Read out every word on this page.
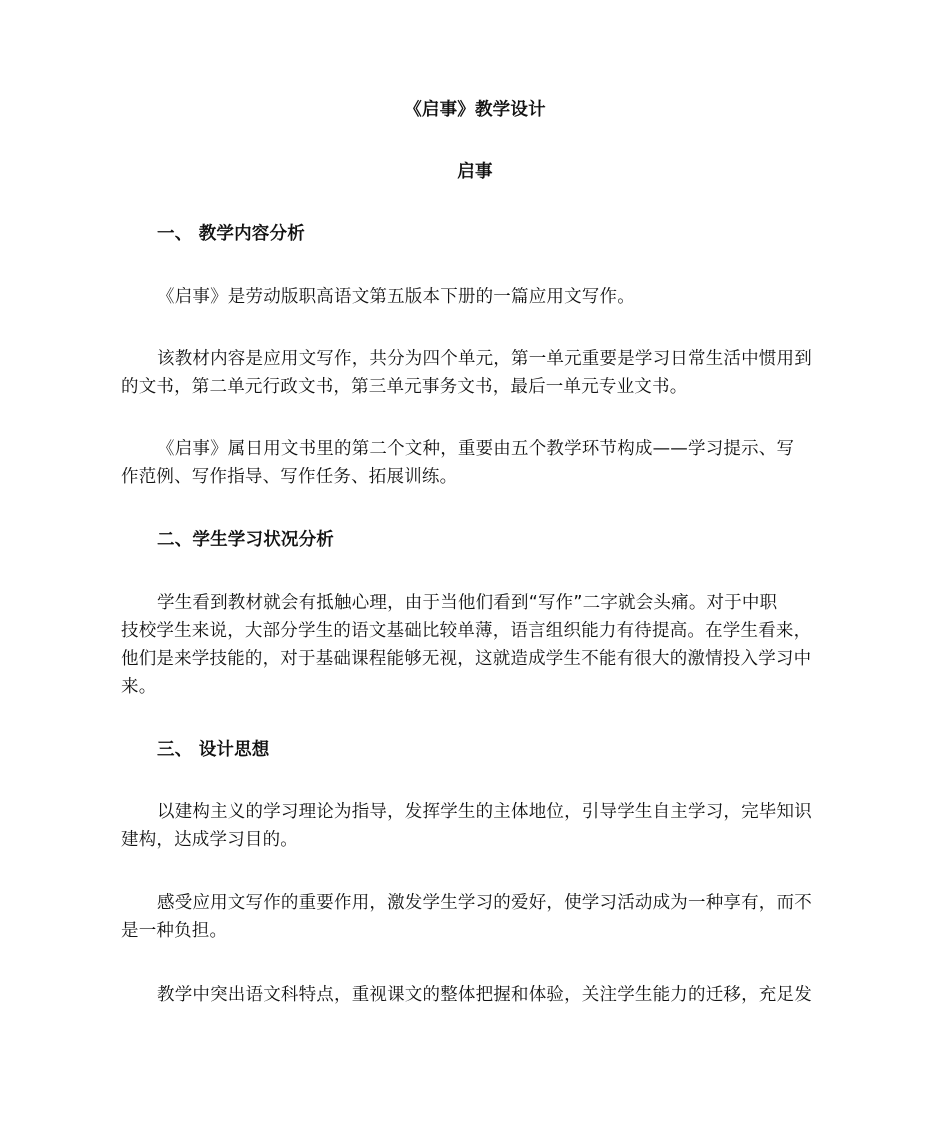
《启事》教学设计
启事
一、 教学内容分析
《启事》是劳动版职高语文第五版本下册的一篇应用文写作。
该教材内容是应用文写作，共分为四个单元，第一单元重要是学习日常生活中惯用到
的文书，第二单元行政文书，第三单元事务文书，最后一单元专业文书。
《启事》属日用文书里的第二个文种，重要由五个教学环节构成——学习提示、写
作范例、写作指导、写作任务、拓展训练。
二、学生学习状况分析
学生看到教材就会有抵触心理，由于当他们看到“写作”二字就会头痛。对于中职
技校学生来说，大部分学生的语文基础比较单薄，语言组织能力有待提高。在学生看来，
他们是来学技能的，对于基础课程能够无视，这就造成学生不能有很大的激情投入学习中
来。
三、 设计思想
以建构主义的学习理论为指导，发挥学生的主体地位，引导学生自主学习，完毕知识
建构，达成学习目的。
感受应用文写作的重要作用，激发学生学习的爱好，使学习活动成为一种享有，而不
是一种负担。
教学中突出语文科特点，重视课文的整体把握和体验，关注学生能力的迁移，充足发
